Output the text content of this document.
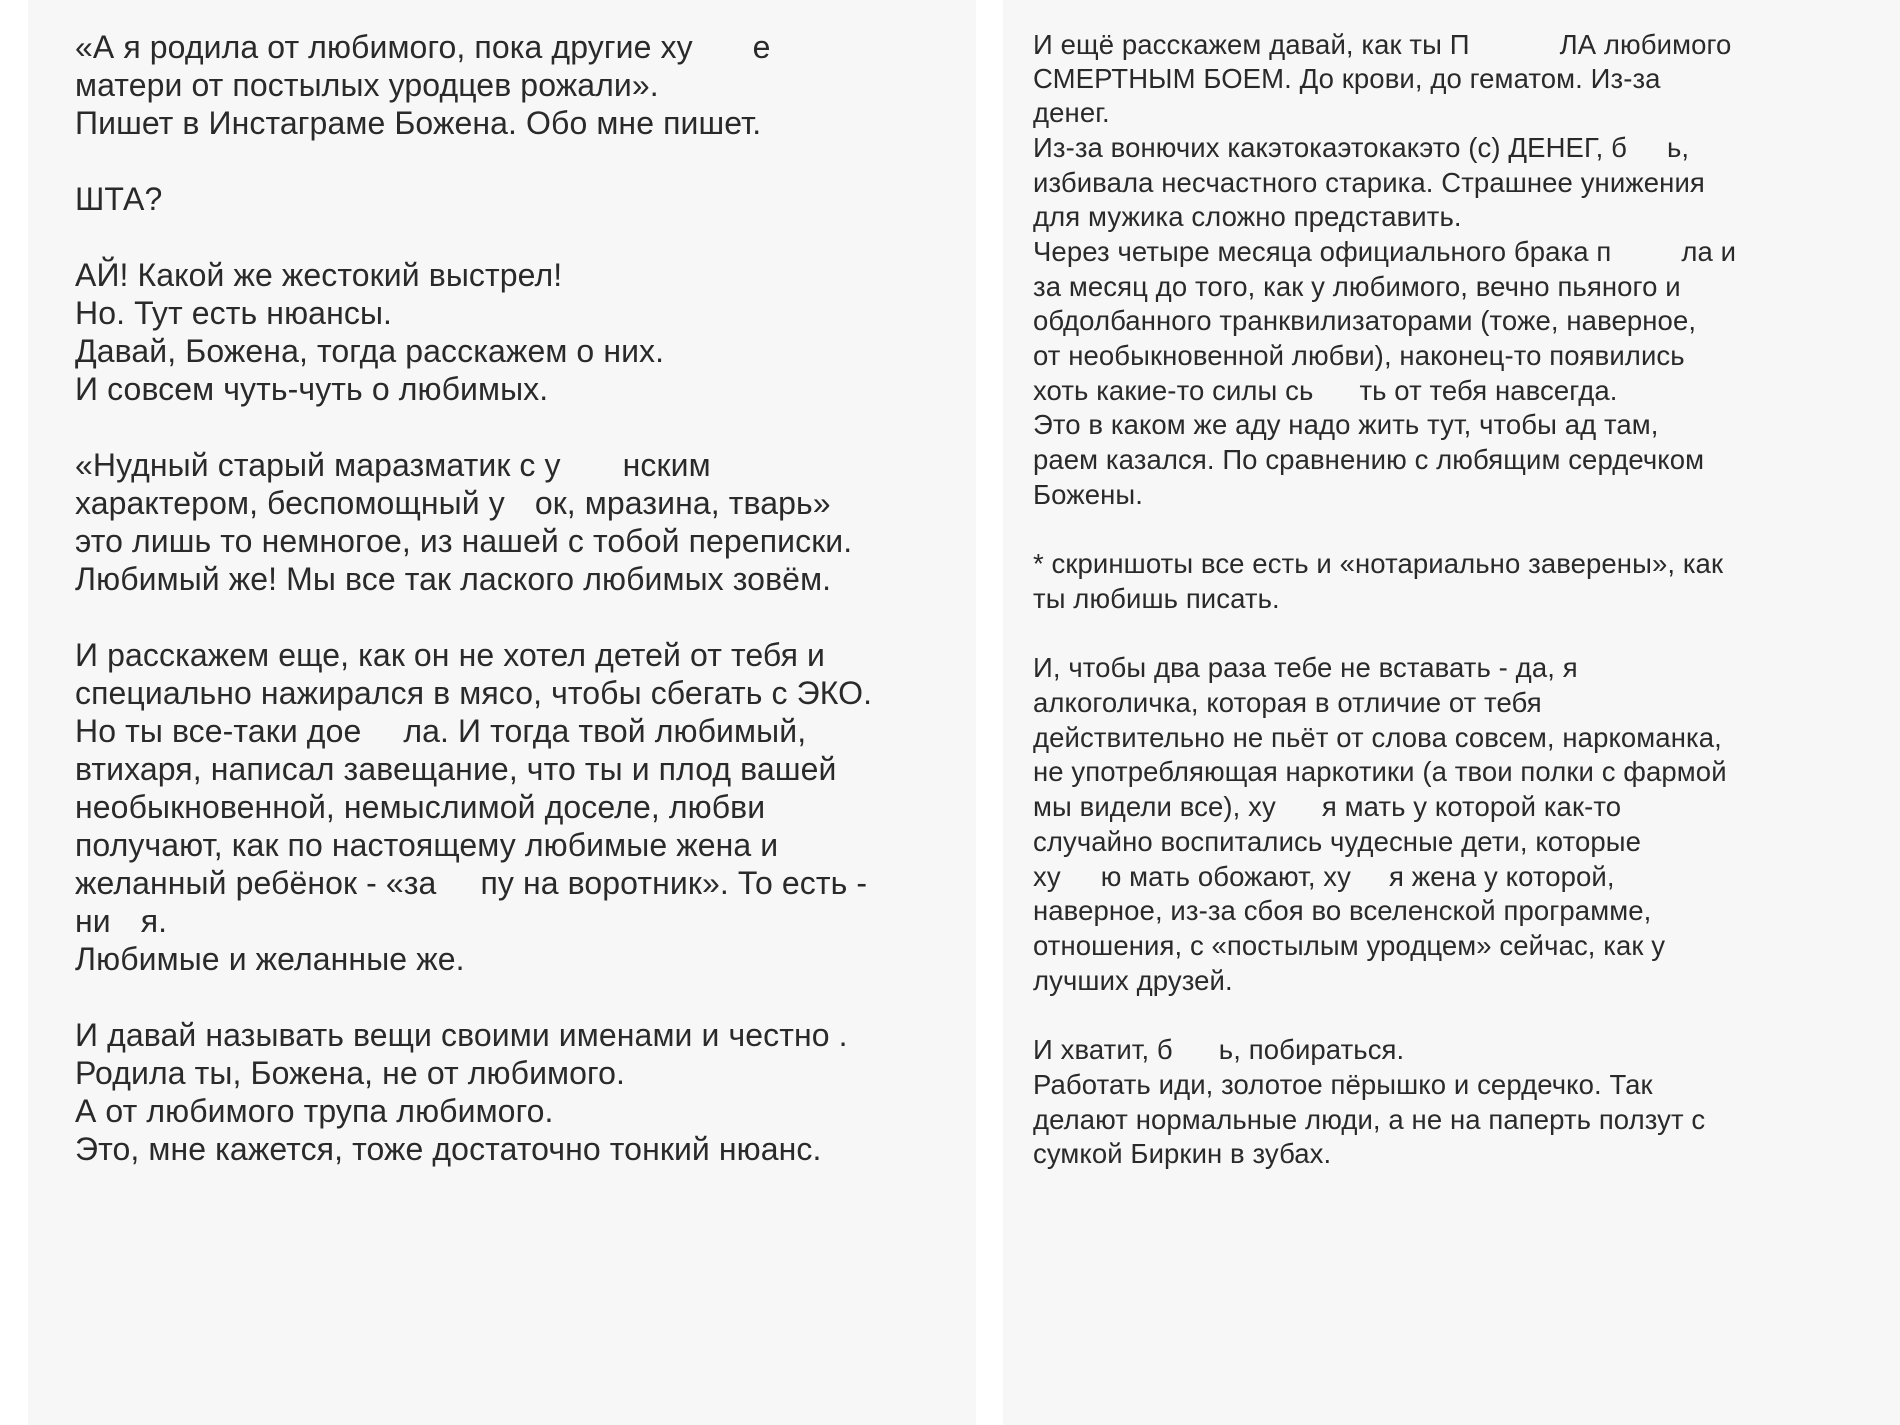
«А я родила от любимого, пока другие ху е
матери от постылых уродцев рожали».
Пишет в Инстаграме Божена. Обо мне пишет.
ШТА?
АЙ! Какой же жестокий выстрел!
Но. Тут есть нюансы.
Давай, Божена, тогда расскажем о них.
И совсем чуть-чуть о любимых.
«Нудный старый маразматик с у нским
характером, беспомощный у ок, мразина, тварь»
это лишь то немногое, из нашей с тобой переписки.
Любимый же! Мы все так лаского любимых зовём.
И расскажем еще, как он не хотел детей от тебя и
специально нажирался в мясо, чтобы сбегать с ЭКО.
Но ты все-таки дое ла. И тогда твой любимый,
втихаря, написал завещание, что ты и плод вашей
необыкновенной, немыслимой доселе, любви
получают, как по настоящему любимые жена и
желанный ребёнок - «за пу на воротник». То есть -
ни я.
Любимые и желанные же.
И давай называть вещи своими именами и честно .
Родила ты, Божена, не от любимого.
А от любимого трупа любимого.
Это, мне кажется, тоже достаточно тонкий нюанс.
И ещё расскажем давай, как ты П	ЛА любимого
СМЕРТНЫМ БОЕМ. До крови, до гематом. Из-за
денег.
Из-за вонючих какэтокаэтокакэто (с) ДЕНЕГ, б ь,
избивала несчастного старика. Страшнее унижения
для мужика сложно представить.
Через четыре месяца официального брака п	ла и
за месяц до того, как у любимого, вечно пьяного и
обдолбанного транквилизаторами (тоже, наверное,
от необыкновенной любви), наконец-то появились
хоть какие-то силы сь ть от тебя навсегда.
Это в каком же аду надо жить тут, чтобы ад там,
раем казался. По сравнению с любящим сердечком
Божены.
* скриншоты все есть и «нотариально заверены», как
ты любишь писать.
И, чтобы два раза тебе не вставать - да, я
алкоголичка, которая в отличие от тебя
действительно не пьёт от слова совсем, наркоманка,
не употребляющая наркотики (а твои полки с фармой
мы видели все), ху я мать у которой как-то
случайно воспитались чудесные дети, которые
ху ю мать обожают, ху я жена у которой,
наверное, из-за сбоя во вселенской программе,
отношения, с «постылым уродцем» сейчас, как у
лучших друзей.
И хватит, б ь, побираться.
Работать иди, золотое пёрышко и сердечко. Так
делают нормальные люди, а не на паперть ползут с
сумкой Биркин в зубах.
